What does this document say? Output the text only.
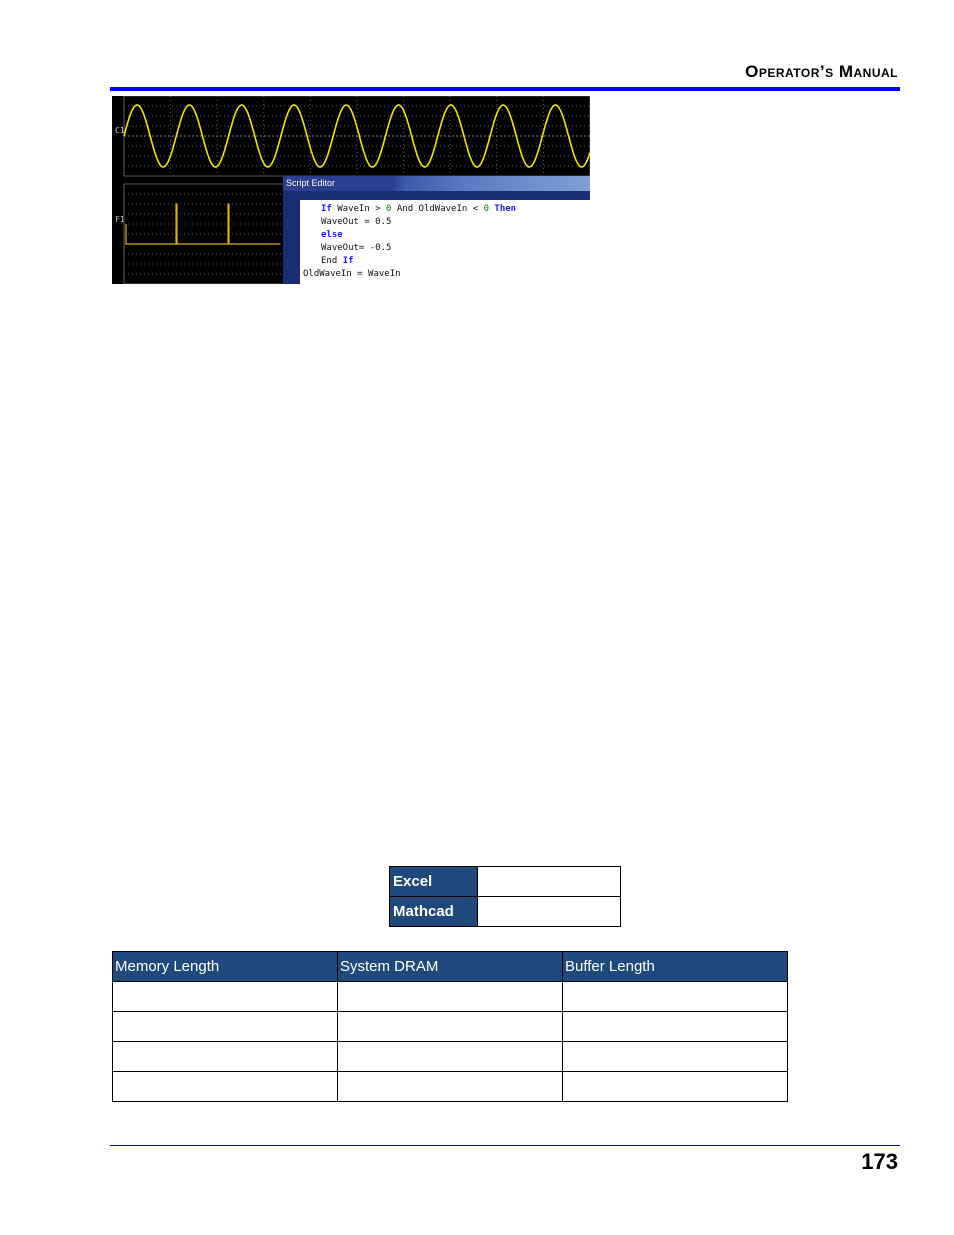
Operator’s Manual
C1
F1
Script Editor
If WaveIn > 0 And OldWaveIn < 0 Then
WaveOut = 0.5
else
WaveOut= -0.5
End If
OldWaveIn = WaveIn
Excel	
Mathcad	
Memory Length	System DRAM	Buffer Length

173
